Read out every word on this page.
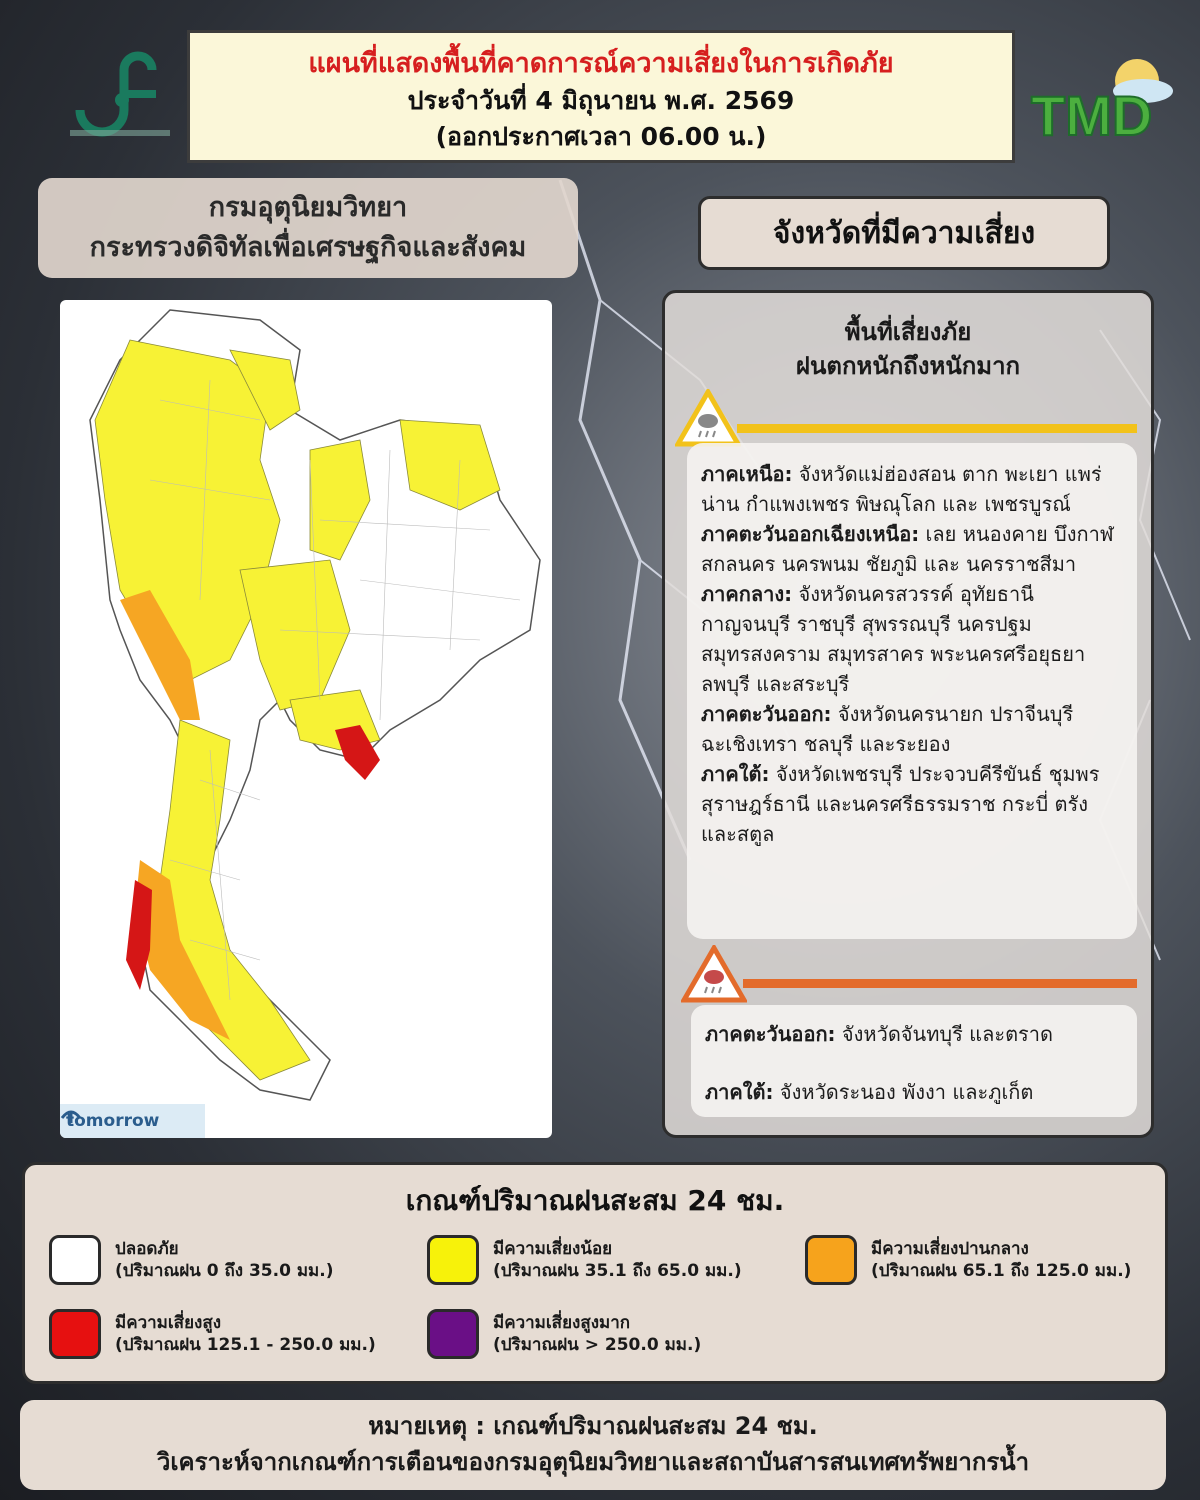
แผนที่แสดงพื้นที่คาดการณ์ความเสี่ยงในการเกิดภัย
ประจำวันที่ 4 มิถุนายน พ.ศ. 2569
(ออกประกาศเวลา 06.00 น.)	TMD
กรมอุตุนิยมวิทยา
กระทรวงดิจิทัลเพื่อเศรษฐกิจและสังคม
tomorrow
จังหวัดที่มีความเสี่ยง
พื้นที่เสี่ยงภัย
ฝนตกหนักถึงหนักมาก
ภาคเหนือ: จังหวัดแม่ฮ่องสอน ตาก พะเยา แพร่ น่าน กำแพงเพชร พิษณุโลก และ เพชรบูรณ์
ภาคตะวันออกเฉียงเหนือ: เลย หนองคาย บึงกาฬ สกลนคร นครพนม ชัยภูมิ และ นครราชสีมา
ภาคกลาง: จังหวัดนครสวรรค์ อุทัยธานี กาญจนบุรี ราชบุรี สุพรรณบุรี นครปฐม สมุทรสงคราม สมุทรสาคร พระนครศรีอยุธยา ลพบุรี และสระบุรี
ภาคตะวันออก: จังหวัดนครนายก ปราจีนบุรี ฉะเชิงเทรา ชลบุรี และระยอง
ภาคใต้: จังหวัดเพชรบุรี ประจวบคีรีขันธ์ ชุมพร สุราษฎร์ธานี และนครศรีธรรมราช กระบี่ ตรัง และสตูล
ภาคตะวันออก: จังหวัดจันทบุรี และตราด
ภาคใต้: จังหวัดระนอง พังงา และภูเก็ต
เกณฑ์ปริมาณฝนสะสม 24 ชม.
ปลอดภัย
(ปริมาณฝน 0 ถึง 35.0 มม.)
มีความเสี่ยงน้อย
(ปริมาณฝน 35.1 ถึง 65.0 มม.)
มีความเสี่ยงปานกลาง
(ปริมาณฝน 65.1 ถึง 125.0 มม.)
มีความเสี่ยงสูง
(ปริมาณฝน 125.1 - 250.0 มม.)
มีความเสี่ยงสูงมาก
(ปริมาณฝน > 250.0 มม.)
หมายเหตุ : เกณฑ์ปริมาณฝนสะสม 24 ชม.
วิเคราะห์จากเกณฑ์การเตือนของกรมอุตุนิยมวิทยาและสถาบันสารสนเทศทรัพยากรน้ำ
